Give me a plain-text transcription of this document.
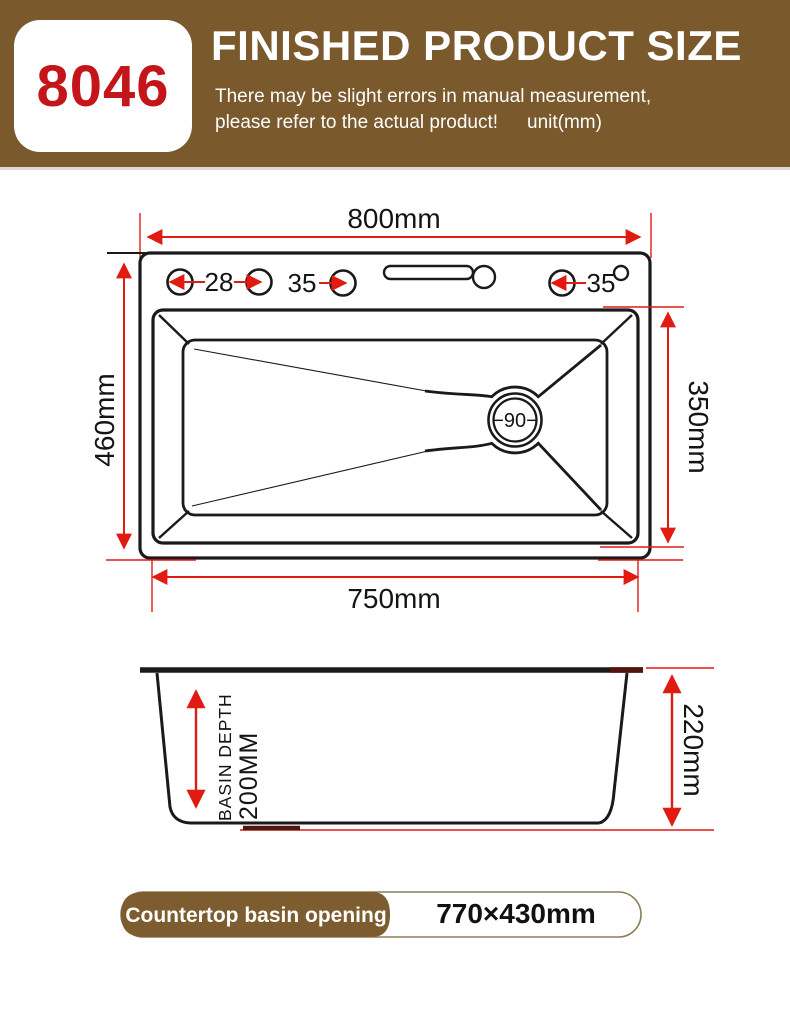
8046
FINISHED PRODUCT SIZE
There may be slight errors in manual measurement,
please refer to the actual product!	unit(mm)
800mm
28 35	35
−90−
460mm	350mm
750mm
BASIN DEPTH 200MM	220mm
Countertop basin opening 770×430mm
